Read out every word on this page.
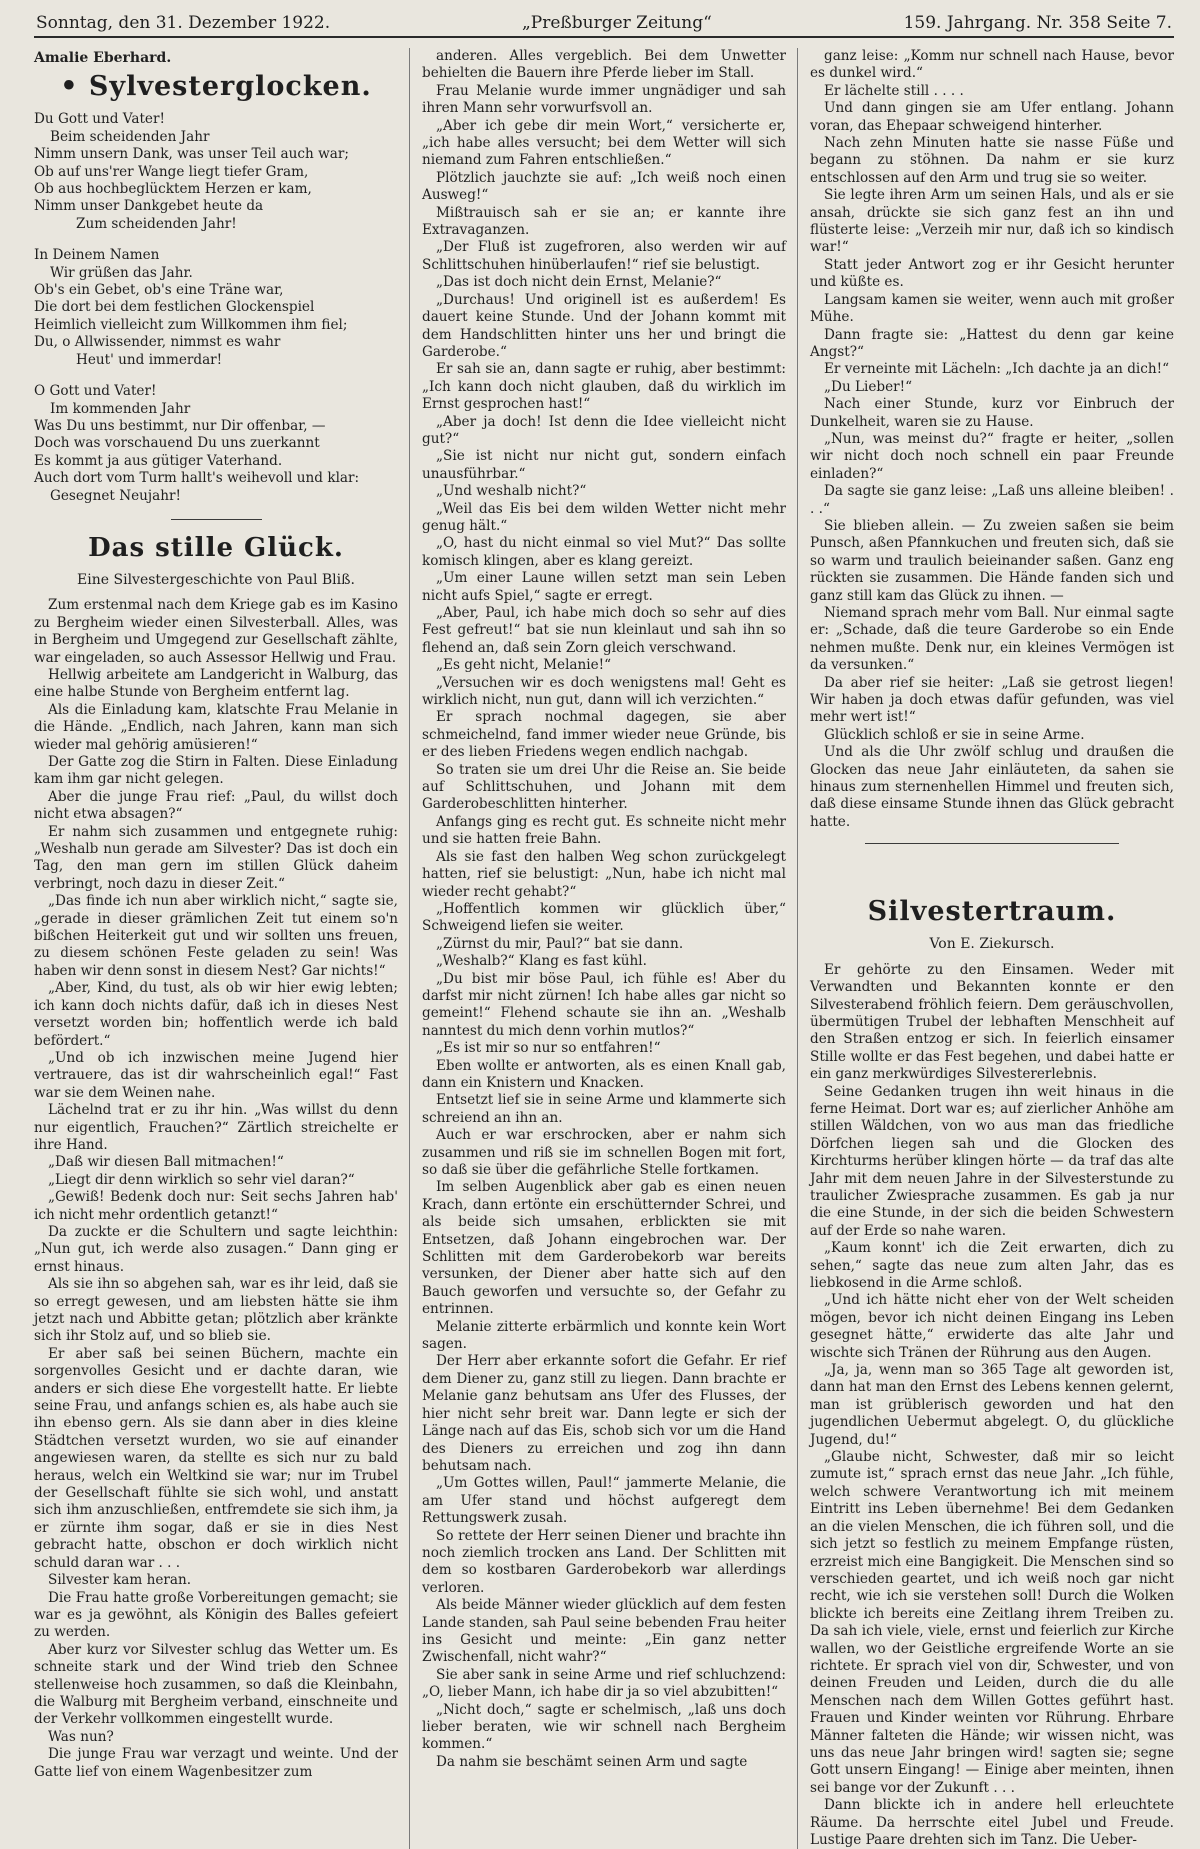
Sonntag, den 31. Dezember 1922.	„Preßburger Zeitung“	159. Jahrgang. Nr. 358 Seite 7.
Amalie Eberhard.
• Sylvesterglocken.
Du Gott und Vater!
Beim scheidenden Jahr
Nimm unsern Dank, was unser Teil auch war;
Ob auf uns'rer Wange liegt tiefer Gram,
Ob aus hochbeglücktem Herzen er kam,
Nimm unser Dankgebet heute da
Zum scheidenden Jahr!
In Deinem Namen
Wir grüßen das Jahr.
Ob's ein Gebet, ob's eine Träne war,
Die dort bei dem festlichen Glockenspiel
Heimlich vielleicht zum Willkommen ihm fiel;
Du, o Allwissender, nimmst es wahr
Heut' und immerdar!
O Gott und Vater!
Im kommenden Jahr
Was Du uns bestimmt, nur Dir offenbar, —
Doch was vorschauend Du uns zuerkannt
Es kommt ja aus gütiger Vaterhand.
Auch dort vom Turm hallt's weihevoll und klar:
Gesegnet Neujahr!
Das stille Glück.
Eine Silvestergeschichte von Paul Bliß.

Zum erstenmal nach dem Kriege gab es im Kasino zu Bergheim wieder einen Silvesterball. Alles, was in Bergheim und Umgegend zur Gesellschaft zählte, war eingeladen, so auch Assessor Hellwig und Frau.

Hellwig arbeitete am Landgericht in Walburg, das eine halbe Stunde von Bergheim entfernt lag.

Als die Einladung kam, klatschte Frau Melanie in die Hände. „Endlich, nach Jahren, kann man sich wieder mal gehörig amüsieren!“

Der Gatte zog die Stirn in Falten. Diese Einladung kam ihm gar nicht gelegen.

Aber die junge Frau rief: „Paul, du willst doch nicht etwa absagen?“

Er nahm sich zusammen und entgegnete ruhig: „Weshalb nun gerade am Silvester? Das ist doch ein Tag, den man gern im stillen Glück daheim verbringt, noch dazu in dieser Zeit.“

„Das finde ich nun aber wirklich nicht,“ sagte sie, „gerade in dieser grämlichen Zeit tut einem so'n bißchen Heiterkeit gut und wir sollten uns freuen, zu diesem schönen Feste geladen zu sein! Was haben wir denn sonst in diesem Nest? Gar nichts!“

„Aber, Kind, du tust, als ob wir hier ewig lebten; ich kann doch nichts dafür, daß ich in dieses Nest versetzt worden bin; hoffentlich werde ich bald befördert.“

„Und ob ich inzwischen meine Jugend hier vertrauere, das ist dir wahrscheinlich egal!“ Fast war sie dem Weinen nahe.

Lächelnd trat er zu ihr hin. „Was willst du denn nur eigentlich, Frauchen?“ Zärtlich streichelte er ihre Hand.

„Daß wir diesen Ball mitmachen!“

„Liegt dir denn wirklich so sehr viel daran?“

„Gewiß! Bedenk doch nur: Seit sechs Jahren hab' ich nicht mehr ordentlich getanzt!“

Da zuckte er die Schultern und sagte leichthin: „Nun gut, ich werde also zusagen.“ Dann ging er ernst hinaus.

Als sie ihn so abgehen sah, war es ihr leid, daß sie so erregt gewesen, und am liebsten hätte sie ihm jetzt nach und Abbitte getan; plötzlich aber kränkte sich ihr Stolz auf, und so blieb sie.

Er aber saß bei seinen Büchern, machte ein sorgenvolles Gesicht und er dachte daran, wie anders er sich diese Ehe vorgestellt hatte. Er liebte seine Frau, und anfangs schien es, als habe auch sie ihn ebenso gern. Als sie dann aber in dies kleine Städtchen versetzt wurden, wo sie auf einander angewiesen waren, da stellte es sich nur zu bald heraus, welch ein Weltkind sie war; nur im Trubel der Gesellschaft fühlte sie sich wohl, und anstatt sich ihm anzuschließen, entfremdete sie sich ihm, ja er zürnte ihm sogar, daß er sie in dies Nest gebracht hatte, obschon er doch wirklich nicht schuld daran war . . .

Silvester kam heran.

Die Frau hatte große Vorbereitungen gemacht; sie war es ja gewöhnt, als Königin des Balles gefeiert zu werden.

Aber kurz vor Silvester schlug das Wetter um. Es schneite stark und der Wind trieb den Schnee stellenweise hoch zusammen, so daß die Kleinbahn, die Walburg mit Bergheim verband, einschneite und der Verkehr vollkommen eingestellt wurde.

Was nun?

Die junge Frau war verzagt und weinte. Und der Gatte lief von einem Wagenbesitzer zum

anderen. Alles vergeblich. Bei dem Unwetter behielten die Bauern ihre Pferde lieber im Stall.

Frau Melanie wurde immer ungnädiger und sah ihren Mann sehr vorwurfsvoll an.

„Aber ich gebe dir mein Wort,“ versicherte er, „ich habe alles versucht; bei dem Wetter will sich niemand zum Fahren entschließen.“

Plötzlich jauchzte sie auf: „Ich weiß noch einen Ausweg!“

Mißtrauisch sah er sie an; er kannte ihre Extravaganzen.

„Der Fluß ist zugefroren, also werden wir auf Schlittschuhen hinüberlaufen!“ rief sie belustigt.

„Das ist doch nicht dein Ernst, Melanie?“

„Durchaus! Und originell ist es außerdem! Es dauert keine Stunde. Und der Johann kommt mit dem Handschlitten hinter uns her und bringt die Garderobe.“

Er sah sie an, dann sagte er ruhig, aber bestimmt: „Ich kann doch nicht glauben, daß du wirklich im Ernst gesprochen hast!“

„Aber ja doch! Ist denn die Idee vielleicht nicht gut?“

„Sie ist nicht nur nicht gut, sondern einfach unausführbar.“

„Und weshalb nicht?“

„Weil das Eis bei dem wilden Wetter nicht mehr genug hält.“

„O, hast du nicht einmal so viel Mut?“ Das sollte komisch klingen, aber es klang gereizt.

„Um einer Laune willen setzt man sein Leben nicht aufs Spiel,“ sagte er erregt.

„Aber, Paul, ich habe mich doch so sehr auf dies Fest gefreut!“ bat sie nun kleinlaut und sah ihn so flehend an, daß sein Zorn gleich verschwand.

„Es geht nicht, Melanie!“

„Versuchen wir es doch wenigstens mal! Geht es wirklich nicht, nun gut, dann will ich verzichten.“

Er sprach nochmal dagegen, sie aber schmeichelnd, fand immer wieder neue Gründe, bis er des lieben Friedens wegen endlich nachgab.

So traten sie um drei Uhr die Reise an. Sie beide auf Schlittschuhen, und Johann mit dem Garderobeschlitten hinterher.

Anfangs ging es recht gut. Es schneite nicht mehr und sie hatten freie Bahn.

Als sie fast den halben Weg schon zurückgelegt hatten, rief sie belustigt: „Nun, habe ich nicht mal wieder recht gehabt?“

„Hoffentlich kommen wir glücklich über,“ Schweigend liefen sie weiter.

„Zürnst du mir, Paul?“ bat sie dann.

„Weshalb?“ Klang es fast kühl.

„Du bist mir böse Paul, ich fühle es! Aber du darfst mir nicht zürnen! Ich habe alles gar nicht so gemeint!“ Flehend schaute sie ihn an. „Weshalb nanntest du mich denn vorhin mutlos?“

„Es ist mir so nur so entfahren!“

Eben wollte er antworten, als es einen Knall gab, dann ein Knistern und Knacken.

Entsetzt lief sie in seine Arme und klammerte sich schreiend an ihn an.

Auch er war erschrocken, aber er nahm sich zusammen und riß sie im schnellen Bogen mit fort, so daß sie über die gefährliche Stelle fortkamen.

Im selben Augenblick aber gab es einen neuen Krach, dann ertönte ein erschütternder Schrei, und als beide sich umsahen, erblickten sie mit Entsetzen, daß Johann eingebrochen war. Der Schlitten mit dem Garderobekorb war bereits versunken, der Diener aber hatte sich auf den Bauch geworfen und versuchte so, der Gefahr zu entrinnen.

Melanie zitterte erbärmlich und konnte kein Wort sagen.

Der Herr aber erkannte sofort die Gefahr. Er rief dem Diener zu, ganz still zu liegen. Dann brachte er Melanie ganz behutsam ans Ufer des Flusses, der hier nicht sehr breit war. Dann legte er sich der Länge nach auf das Eis, schob sich vor um die Hand des Dieners zu erreichen und zog ihn dann behutsam nach.

„Um Gottes willen, Paul!“ jammerte Melanie, die am Ufer stand und höchst aufgeregt dem Rettungswerk zusah.

So rettete der Herr seinen Diener und brachte ihn noch ziemlich trocken ans Land. Der Schlitten mit dem so kostbaren Garderobekorb war allerdings verloren.

Als beide Männer wieder glücklich auf dem festen Lande standen, sah Paul seine bebenden Frau heiter ins Gesicht und meinte: „Ein ganz netter Zwischenfall, nicht wahr?“

Sie aber sank in seine Arme und rief schluchzend: „O, lieber Mann, ich habe dir ja so viel abzubitten!“

„Nicht doch,“ sagte er schelmisch, „laß uns doch lieber beraten, wie wir schnell nach Bergheim kommen.“

Da nahm sie beschämt seinen Arm und sagte

ganz leise: „Komm nur schnell nach Hause, bevor es dunkel wird.“

Er lächelte still . . . .

Und dann gingen sie am Ufer entlang. Johann voran, das Ehepaar schweigend hinterher.

Nach zehn Minuten hatte sie nasse Füße und begann zu stöhnen. Da nahm er sie kurz entschlossen auf den Arm und trug sie so weiter.

Sie legte ihren Arm um seinen Hals, und als er sie ansah, drückte sie sich ganz fest an ihn und flüsterte leise: „Verzeih mir nur, daß ich so kindisch war!“

Statt jeder Antwort zog er ihr Gesicht herunter und küßte es.

Langsam kamen sie weiter, wenn auch mit großer Mühe.

Dann fragte sie: „Hattest du denn gar keine Angst?“

Er verneinte mit Lächeln: „Ich dachte ja an dich!“

„Du Lieber!“

Nach einer Stunde, kurz vor Einbruch der Dunkelheit, waren sie zu Hause.

„Nun, was meinst du?“ fragte er heiter, „sollen wir nicht doch noch schnell ein paar Freunde einladen?“

Da sagte sie ganz leise: „Laß uns alleine bleiben! . . .“

Sie blieben allein. — Zu zweien saßen sie beim Punsch, aßen Pfannkuchen und freuten sich, daß sie so warm und traulich beieinander saßen. Ganz eng rückten sie zusammen. Die Hände fanden sich und ganz still kam das Glück zu ihnen. —

Niemand sprach mehr vom Ball. Nur einmal sagte er: „Schade, daß die teure Garderobe so ein Ende nehmen mußte. Denk nur, ein kleines Vermögen ist da versunken.“

Da aber rief sie heiter: „Laß sie getrost liegen! Wir haben ja doch etwas dafür gefunden, was viel mehr wert ist!“

Glücklich schloß er sie in seine Arme.

Und als die Uhr zwölf schlug und draußen die Glocken das neue Jahr einläuteten, da sahen sie hinaus zum sternenhellen Himmel und freuten sich, daß diese einsame Stunde ihnen das Glück gebracht hatte.

Silvestertraum.
Von E. Ziekursch.

Er gehörte zu den Einsamen. Weder mit Verwandten und Bekannten konnte er den Silvesterabend fröhlich feiern. Dem geräuschvollen, übermütigen Trubel der lebhaften Menschheit auf den Straßen entzog er sich. In feierlich einsamer Stille wollte er das Fest begehen, und dabei hatte er ein ganz merkwürdiges Silvestererlebnis.

Seine Gedanken trugen ihn weit hinaus in die ferne Heimat. Dort war es; auf zierlicher Anhöhe am stillen Wäldchen, von wo aus man das friedliche Dörfchen liegen sah und die Glocken des Kirchturms herüber klingen hörte — da traf das alte Jahr mit dem neuen Jahre in der Silvesterstunde zu traulicher Zwiesprache zusammen. Es gab ja nur die eine Stunde, in der sich die beiden Schwestern auf der Erde so nahe waren.

„Kaum konnt' ich die Zeit erwarten, dich zu sehen,“ sagte das neue zum alten Jahr, das es liebkosend in die Arme schloß.

„Und ich hätte nicht eher von der Welt scheiden mögen, bevor ich nicht deinen Eingang ins Leben gesegnet hätte,“ erwiderte das alte Jahr und wischte sich Tränen der Rührung aus den Augen.

„Ja, ja, wenn man so 365 Tage alt geworden ist, dann hat man den Ernst des Lebens kennen gelernt, man ist grüblerisch geworden und hat den jugendlichen Uebermut abgelegt. O, du glückliche Jugend, du!“

„Glaube nicht, Schwester, daß mir so leicht zumute ist,“ sprach ernst das neue Jahr. „Ich fühle, welch schwere Verantwortung ich mit meinem Eintritt ins Leben übernehme! Bei dem Gedanken an die vielen Menschen, die ich führen soll, und die sich jetzt so festlich zu meinem Empfange rüsten, erzreist mich eine Bangigkeit. Die Menschen sind so verschieden geartet, und ich weiß noch gar nicht recht, wie ich sie verstehen soll! Durch die Wolken blickte ich bereits eine Zeitlang ihrem Treiben zu. Da sah ich viele, viele, ernst und feierlich zur Kirche wallen, wo der Geistliche ergreifende Worte an sie richtete. Er sprach viel von dir, Schwester, und von deinen Freuden und Leiden, durch die du alle Menschen nach dem Willen Gottes geführt hast. Frauen und Kinder weinten vor Rührung. Ehrbare Männer falteten die Hände; wir wissen nicht, was uns das neue Jahr bringen wird! sagten sie; segne Gott unsern Eingang! — Einige aber meinten, ihnen sei bange vor der Zukunft . . .

Dann blickte ich in andere hell erleuchtete Räume. Da herrschte eitel Jubel und Freude. Lustige Paare drehten sich im Tanz. Die Ueber-
